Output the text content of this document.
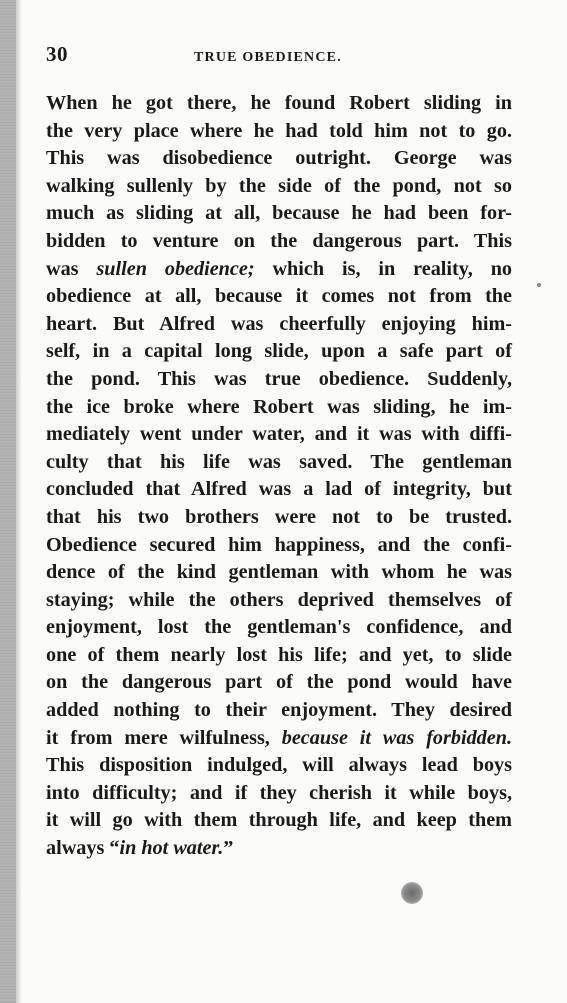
30	TRUE OBEDIENCE.
When he got there, he found Robert sliding in
the very place where he had told him not to go.
This was disobedience outright. George was
walking sullenly by the side of the pond, not so
much as sliding at all, because he had been for-
bidden to venture on the dangerous part. This
was sullen obedience; which is, in reality, no
obedience at all, because it comes not from the
heart. But Alfred was cheerfully enjoying him-
self, in a capital long slide, upon a safe part of
the pond. This was true obedience. Suddenly,
the ice broke where Robert was sliding, he im-
mediately went under water, and it was with diffi-
culty that his life was saved. The gentleman
concluded that Alfred was a lad of integrity, but
that his two brothers were not to be trusted.
Obedience secured him happiness, and the confi-
dence of the kind gentleman with whom he was
staying; while the others deprived themselves of
enjoyment, lost the gentleman's confidence, and
one of them nearly lost his life; and yet, to slide
on the dangerous part of the pond would have
added nothing to their enjoyment. They desired
it from mere wilfulness, because it was forbidden.
This disposition indulged, will always lead boys
into difficulty; and if they cherish it while boys,
it will go with them through life, and keep them
always “in hot water.”
